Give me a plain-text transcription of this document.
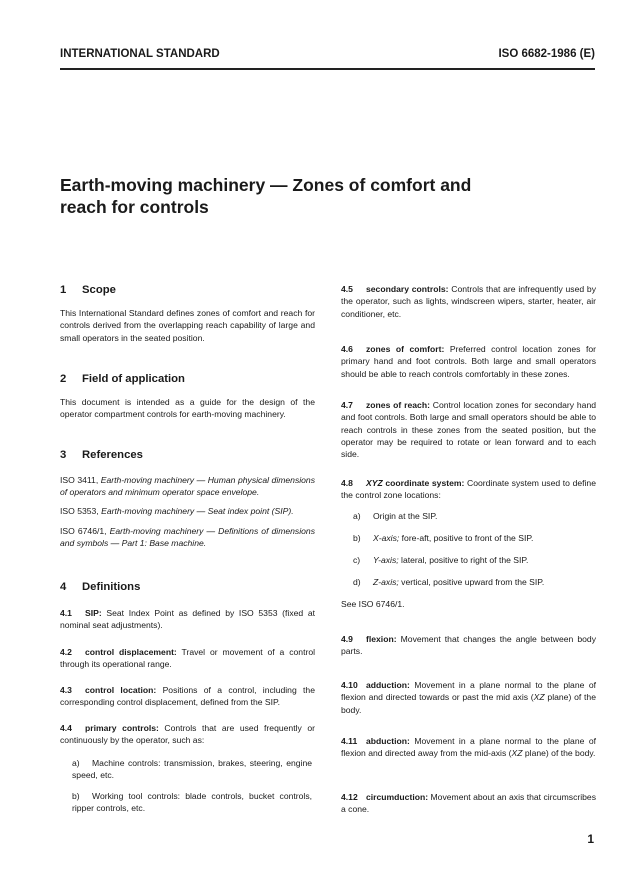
INTERNATIONAL STANDARD	ISO 6682-1986 (E)
Earth-moving machinery — Zones of comfort and
reach for controls
1 Scope
This International Standard defines zones of comfort and reach for controls derived from the overlapping reach capability of large and small operators in the seated position.
2 Field of application
This document is intended as a guide for the design of the operator compartment controls for earth-moving machinery.
3 References
ISO 3411, Earth-moving machinery — Human physical dimensions of operators and minimum operator space envelope.
ISO 5353, Earth-moving machinery — Seat index point (SIP).
ISO 6746/1, Earth-moving machinery — Definitions of dimensions and symbols — Part 1: Base machine.
4 Definitions
4.1 SIP: Seat Index Point as defined by ISO 5353 (fixed at nominal seat adjustments).
4.2 control displacement: Travel or movement of a control through its operational range.
4.3 control location: Positions of a control, including the corresponding control displacement, defined from the SIP.
4.4 primary controls: Controls that are used frequently or continuously by the operator, such as:
a) Machine controls: transmission, brakes, steering, engine speed, etc.
b) Working tool controls: blade controls, bucket controls, ripper controls, etc.
4.5 secondary controls: Controls that are infrequently used by the operator, such as lights, windscreen wipers, starter, heater, air conditioner, etc.
4.6 zones of comfort: Preferred control location zones for primary hand and foot controls. Both large and small operators should be able to reach controls comfortably in these zones.
4.7 zones of reach: Control location zones for secondary hand and foot controls. Both large and small operators should be able to reach controls in these zones from the seated position, but the operator may be required to rotate or lean forward and to each side.
4.8 XYZ coordinate system: Coordinate system used to define the control zone locations:
a) Origin at the SIP.
b) X-axis; fore-aft, positive to front of the SIP.
c) Y-axis; lateral, positive to right of the SIP.
d) Z-axis; vertical, positive upward from the SIP.
See ISO 6746/1.
4.9 flexion: Movement that changes the angle between body parts.
4.10 adduction: Movement in a plane normal to the plane of flexion and directed towards or past the mid axis (XZ plane) of the body.
4.11 abduction: Movement in a plane normal to the plane of flexion and directed away from the mid-axis (XZ plane) of the body.
4.12 circumduction: Movement about an axis that circumscribes a cone.
1
